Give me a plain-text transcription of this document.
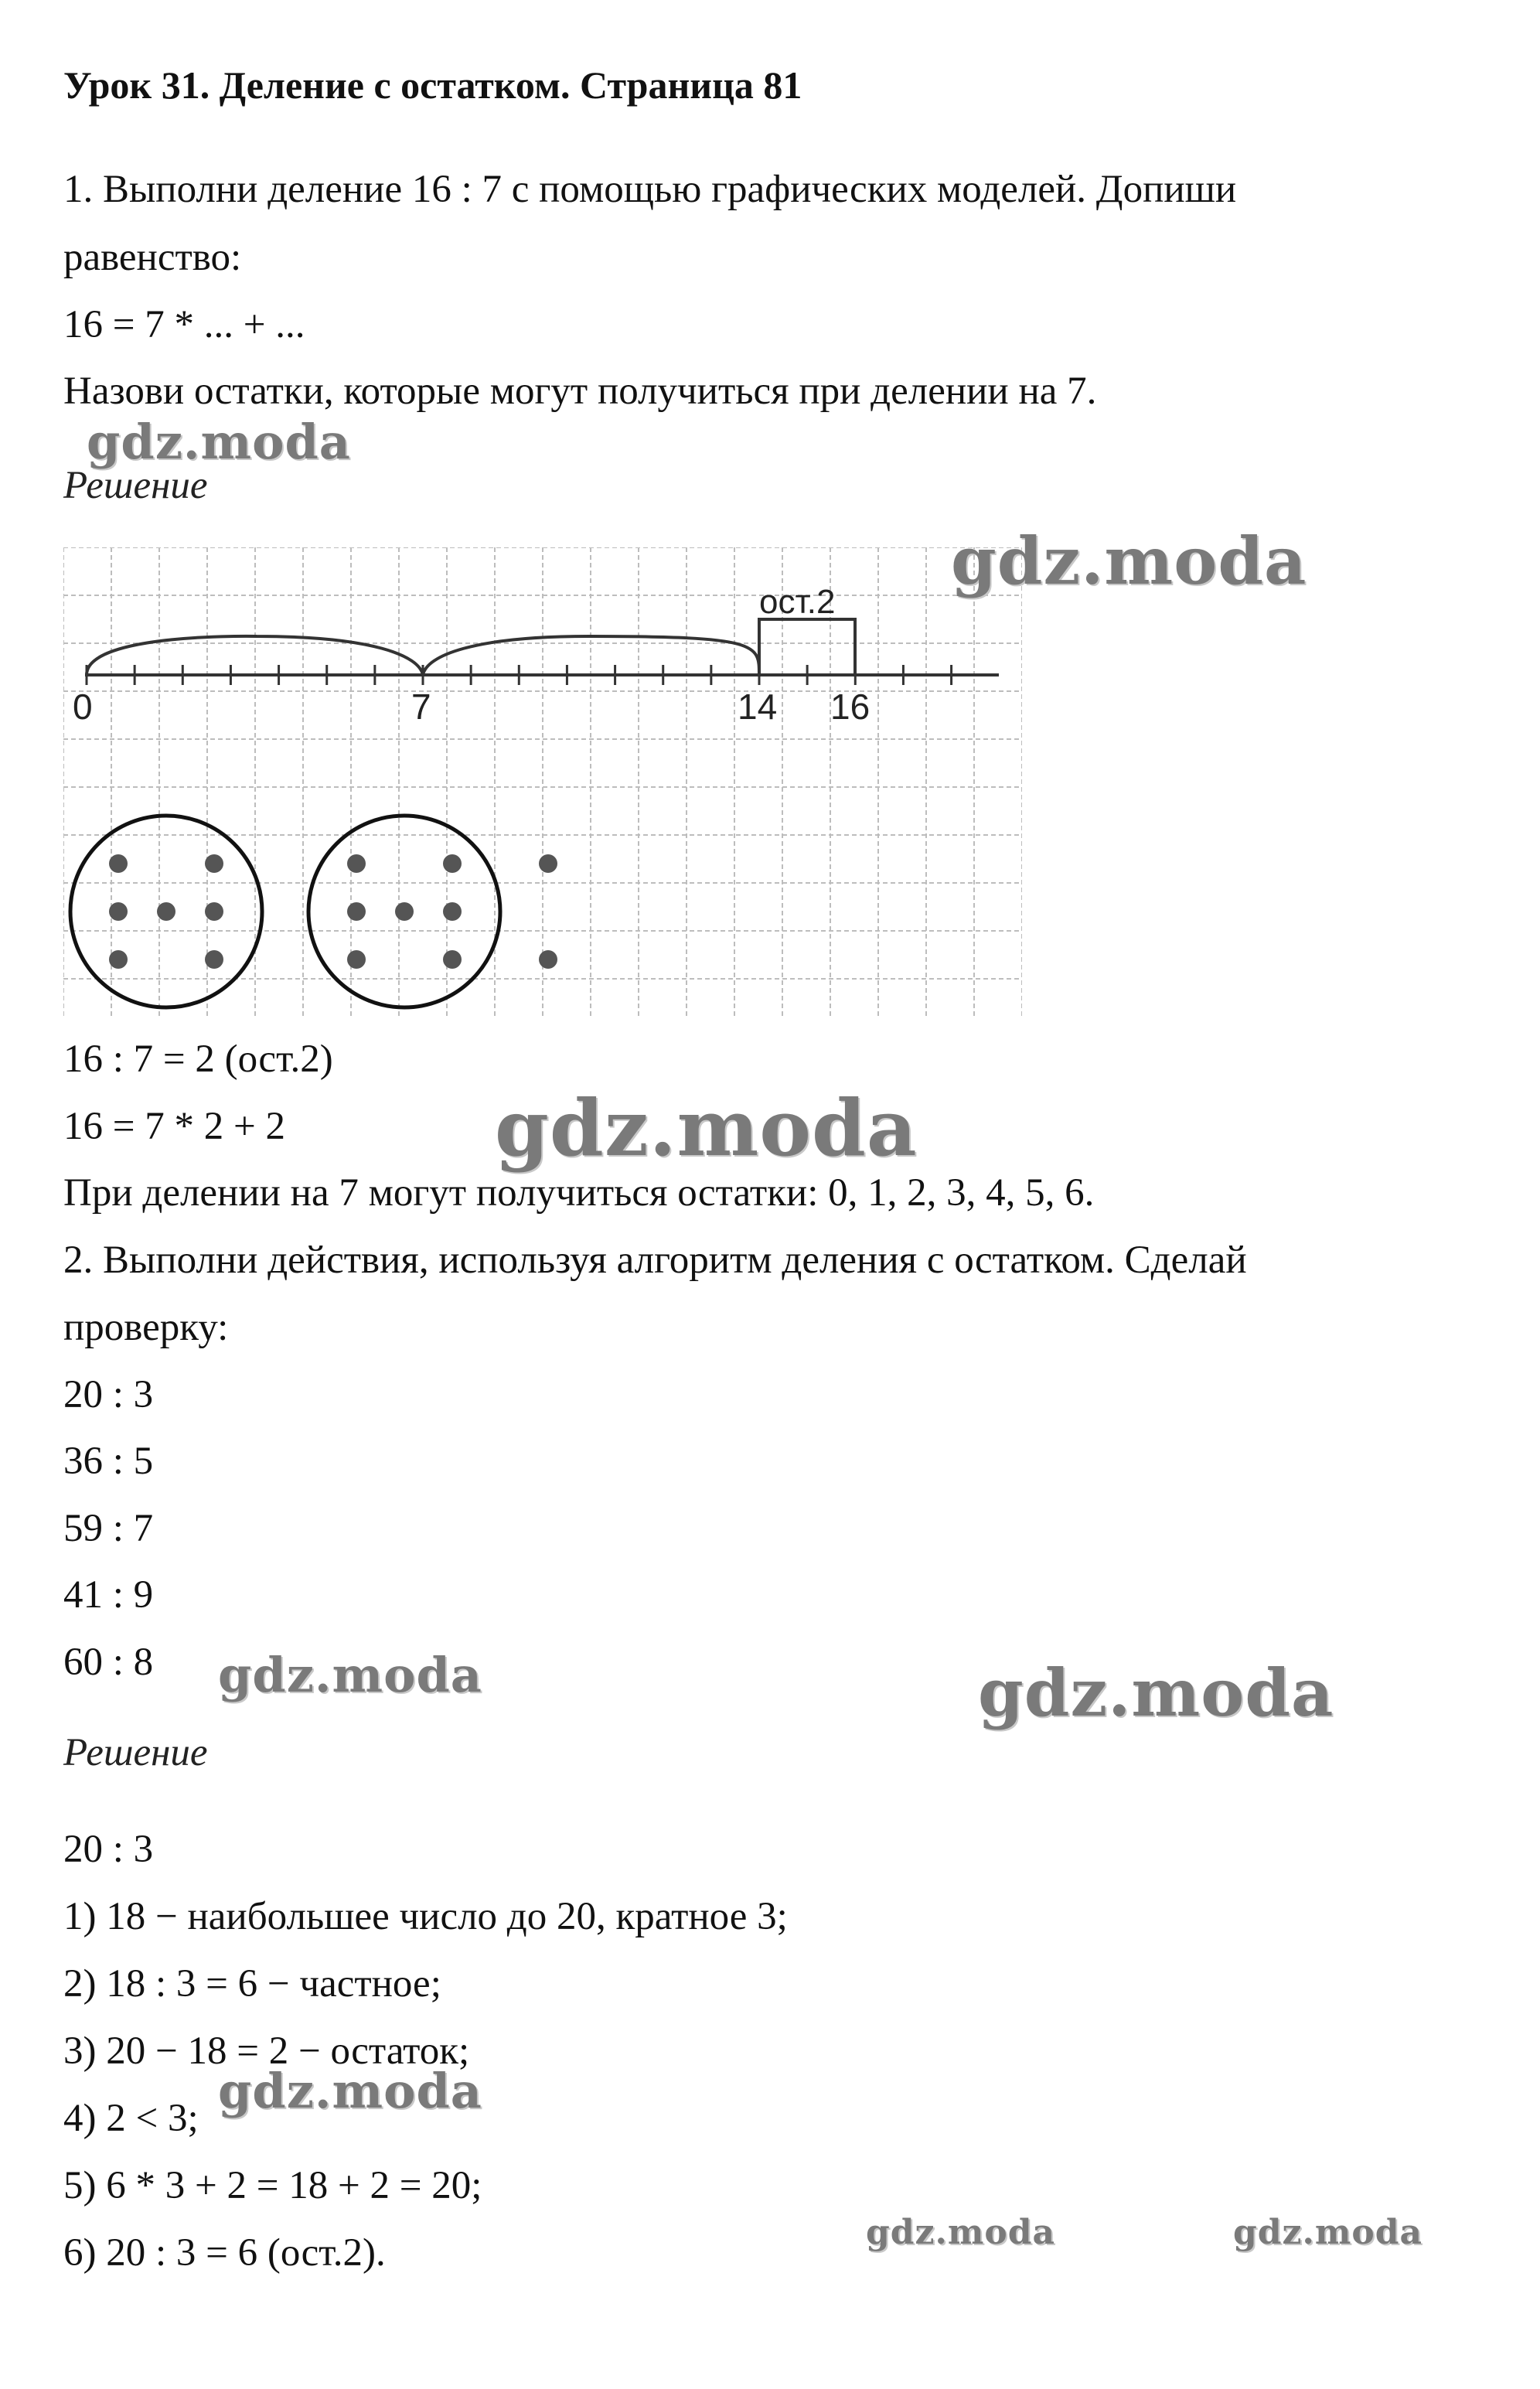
Урок 31. Деление с остатком. Страница 81
1. Выполни деление 16 : 7 с помощью графических моделей. Допиши
равенство:
16 = 7 * ... + ...
Назови остатки, которые могут получиться при делении на 7.
Решение
ост.2
0	7	14 16
16 : 7 = 2 (ост.2)
16 = 7 * 2 + 2
При делении на 7 могут получиться остатки: 0, 1, 2, 3, 4, 5, 6.
2. Выполни действия, используя алгоритм деления с остатком. Сделай
проверку:
20 : 3
36 : 5
59 : 7
41 : 9
60 : 8
Решение
20 : 3
1) 18 − наибольшее число до 20, кратное 3;
2) 18 : 3 = 6 − частное;
3) 20 − 18 = 2 − остаток;
4) 2 < 3;
5) 6 * 3 + 2 = 18 + 2 = 20;
6) 20 : 3 = 6 (ост.2).
gdz.moda
gdz.moda
gdz.moda
gdz.moda	gdz.moda
gdz.moda
gdz.moda	gdz.moda
